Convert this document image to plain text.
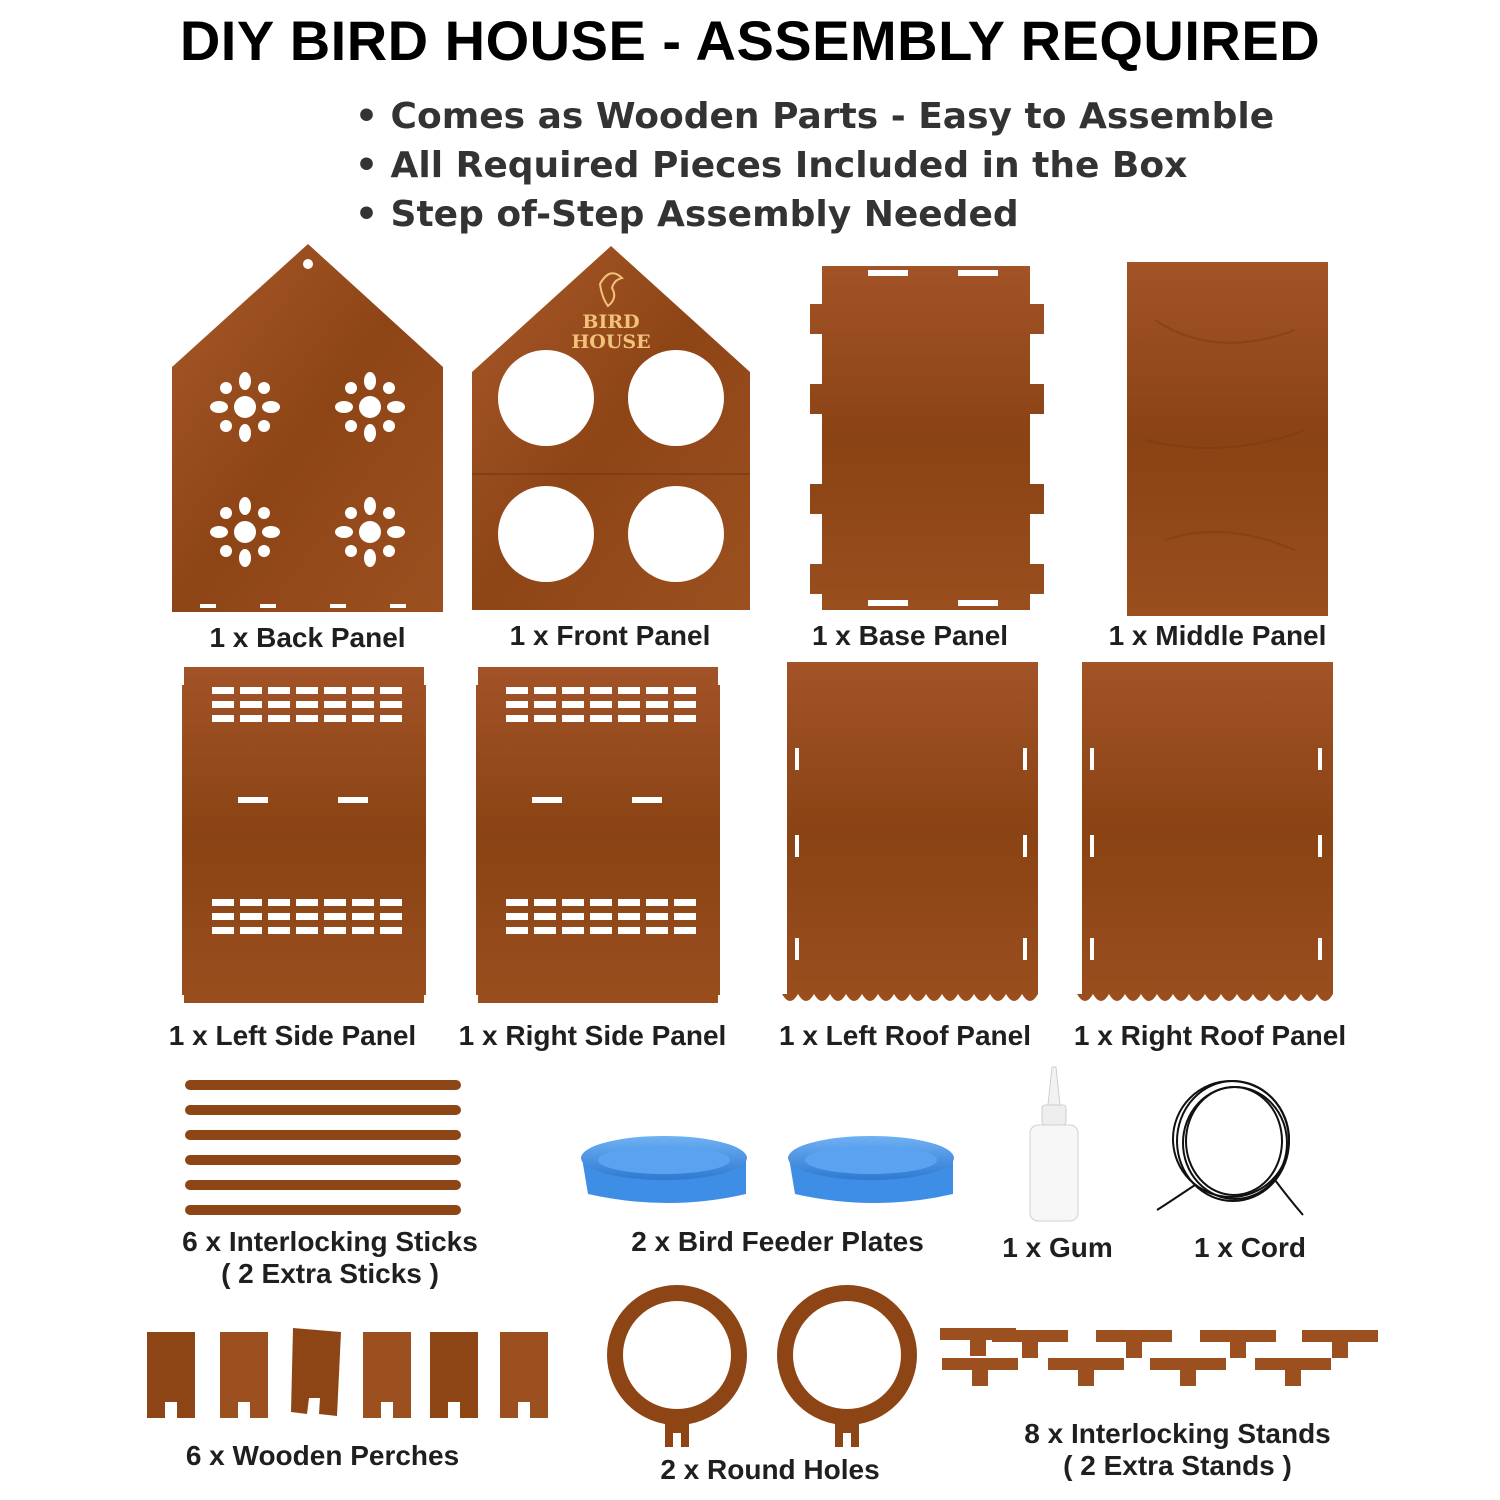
DIY BIRD HOUSE - ASSEMBLY REQUIRED
• Comes as Wooden Parts - Easy to Assemble
• All Required Pieces Included in the Box
• Step of-Step Assembly Needed
1 x Back Panel
BIRD
HOUSE
1 x Front Panel	1 x Base Panel	1 x Middle Panel
1 x Left Side Panel	1 x Right Side Panel	1 x Left Roof Panel	1 x Right Roof Panel
6 x Interlocking Sticks
( 2 Extra Sticks )
2 x Bird Feeder Plates	1 x Gum	1 x Cord
6 x Wooden Perches	2 x Round Holes
8 x Interlocking Stands
( 2 Extra Stands )
